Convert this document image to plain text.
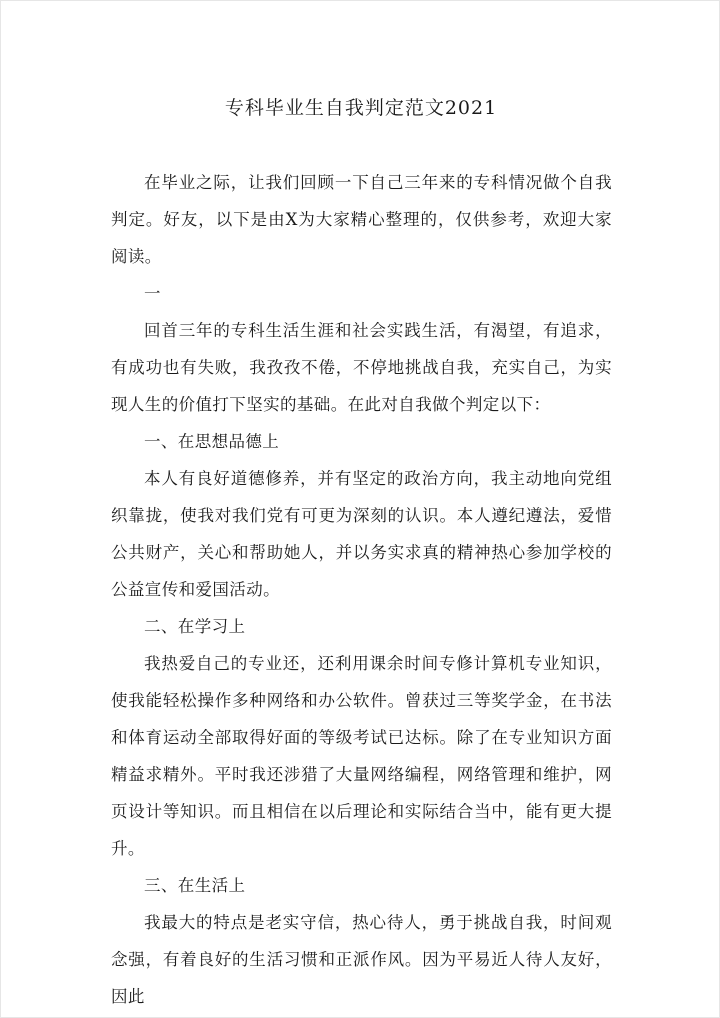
专科毕业生自我判定范文2021

在毕业之际，让我们回顾一下自己三年来的专科情况做个自我判定。好友，以下是由X为大家精心整理的，仅供参考，欢迎大家阅读。

一

回首三年的专科生活生涯和社会实践生活，有渴望，有追求，有成功也有失败，我孜孜不倦，不停地挑战自我，充实自己，为实现人生的价值打下坚实的基础。在此对自我做个判定以下：

一、在思想品德上

本人有良好道德修养，并有坚定的政治方向，我主动地向党组织靠拢，使我对我们党有可更为深刻的认识。本人遵纪遵法，爱惜公共财产，关心和帮助她人，并以务实求真的精神热心参加学校的公益宣传和爱国活动。

二、在学习上

我热爱自己的专业还，还利用课余时间专修计算机专业知识，使我能轻松操作多种网络和办公软件。曾获过三等奖学金，在书法和体育运动全部取得好面的等级考试已达标。除了在专业知识方面精益求精外。平时我还涉猎了大量网络编程，网络管理和维护，网页设计等知识。而且相信在以后理论和实际结合当中，能有更大提升。

三、在生活上

我最大的特点是老实守信，热心待人，勇于挑战自我，时间观念强，有着良好的生活习惯和正派作风。因为平易近人待人友好，因此
